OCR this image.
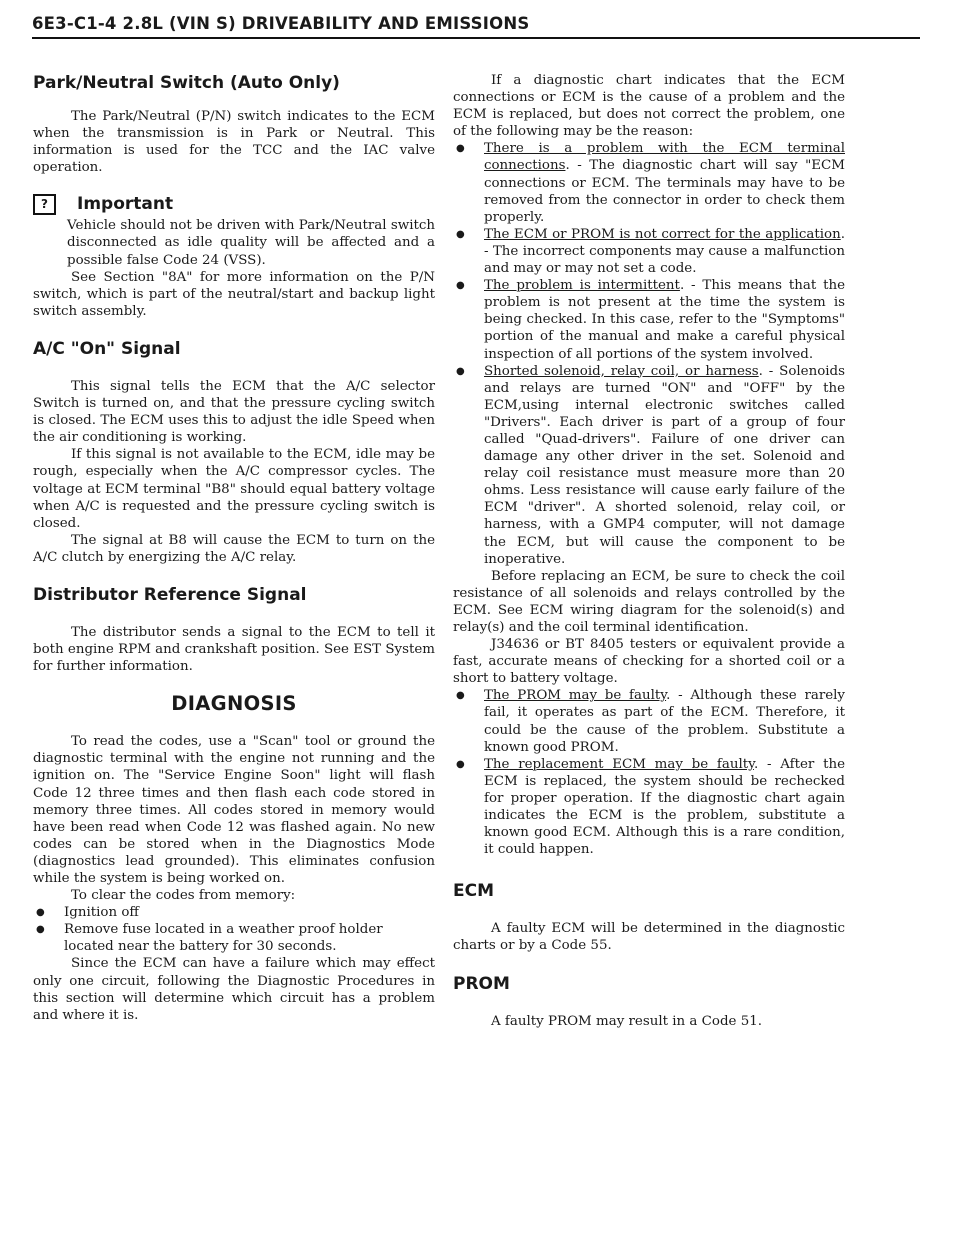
6E3-C1-4 2.8L (VIN S) DRIVEABILITY AND EMISSIONS
Park/Neutral Switch (Auto Only)

The Park/Neutral (P/N) switch indicates to the ECM when the transmission is in Park or Neutral. This information is used for the TCC and the IAC valve operation.

?	Important

Vehicle should not be driven with Park/Neutral switch disconnected as idle quality will be affected and a possible false Code 24 (VSS).

See Section "8A" for more information on the P/N switch, which is part of the neutral/start and backup light switch assembly.

A/C "On" Signal

This signal tells the ECM that the A/C selector Switch is turned on, and that the pressure cycling switch is closed. The ECM uses this to adjust the idle Speed when the air conditioning is working.

If this signal is not available to the ECM, idle may be rough, especially when the A/C compressor cycles. The voltage at ECM terminal "B8" should equal battery voltage when A/C is requested and the pressure cycling switch is closed.

The signal at B8 will cause the ECM to turn on the A/C clutch by energizing the A/C relay.

Distributor Reference Signal

The distributor sends a signal to the ECM to tell it both engine RPM and crankshaft position. See EST System for further information.

DIAGNOSIS

To read the codes, use a "Scan" tool or ground the diagnostic terminal with the engine not running and the ignition on. The "Service Engine Soon" light will flash Code 12 three times and then flash each code stored in memory three times. All codes stored in memory would have been read when Code 12 was flashed again. No new codes can be stored when in the Diagnostics Mode (diagnostics lead grounded). This eliminates confusion while the system is being worked on.

To clear the codes from memory:

●	Ignition off
●	Remove fuse located in a weather proof holder located near the battery for 30 seconds.

Since the ECM can have a failure which may effect only one circuit, following the Diagnostic Procedures in this section will determine which circuit has a problem and where it is.

If a diagnostic chart indicates that the ECM connections or ECM is the cause of a problem and the ECM is replaced, but does not correct the problem, one of the following may be the reason:

●	There is a problem with the ECM terminal connections. - The diagnostic chart will say "ECM connections or ECM. The terminals may have to be removed from the connector in order to check them properly.

●	The ECM or PROM is not correct for the application. - The incorrect components may cause a malfunction and may or may not set a code.

●	The problem is intermittent. - This means that the problem is not present at the time the system is being checked. In this case, refer to the "Symptoms" portion of the manual and make a careful physical inspection of all portions of the system involved.

●	Shorted solenoid, relay coil, or harness. - Solenoids and relays are turned "ON" and "OFF" by the ECM,using internal electronic switches called "Drivers". Each driver is part of a group of four called "Quad-drivers". Failure of one driver can damage any other driver in the set. Solenoid and relay coil resistance must measure more than 20 ohms. Less resistance will cause early failure of the ECM "driver". A shorted solenoid, relay coil, or harness, with a GMP4 computer, will not damage the ECM, but will cause the component to be inoperative.

Before replacing an ECM, be sure to check the coil resistance of all solenoids and relays controlled by the ECM. See ECM wiring diagram for the solenoid(s) and relay(s) and the coil terminal identification.

J34636 or BT 8405 testers or equivalent provide a fast, accurate means of checking for a shorted coil or a short to battery voltage.

●	The PROM may be faulty. - Although these rarely fail, it operates as part of the ECM. Therefore, it could be the cause of the problem. Substitute a known good PROM.

●	The replacement ECM may be faulty. - After the ECM is replaced, the system should be rechecked for proper operation. If the diagnostic chart again indicates the ECM is the problem, substitute a known good ECM. Although this is a rare condition, it could happen.

ECM

A faulty ECM will be determined in the diagnostic charts or by a Code 55.

PROM

A faulty PROM may result in a Code 51.
